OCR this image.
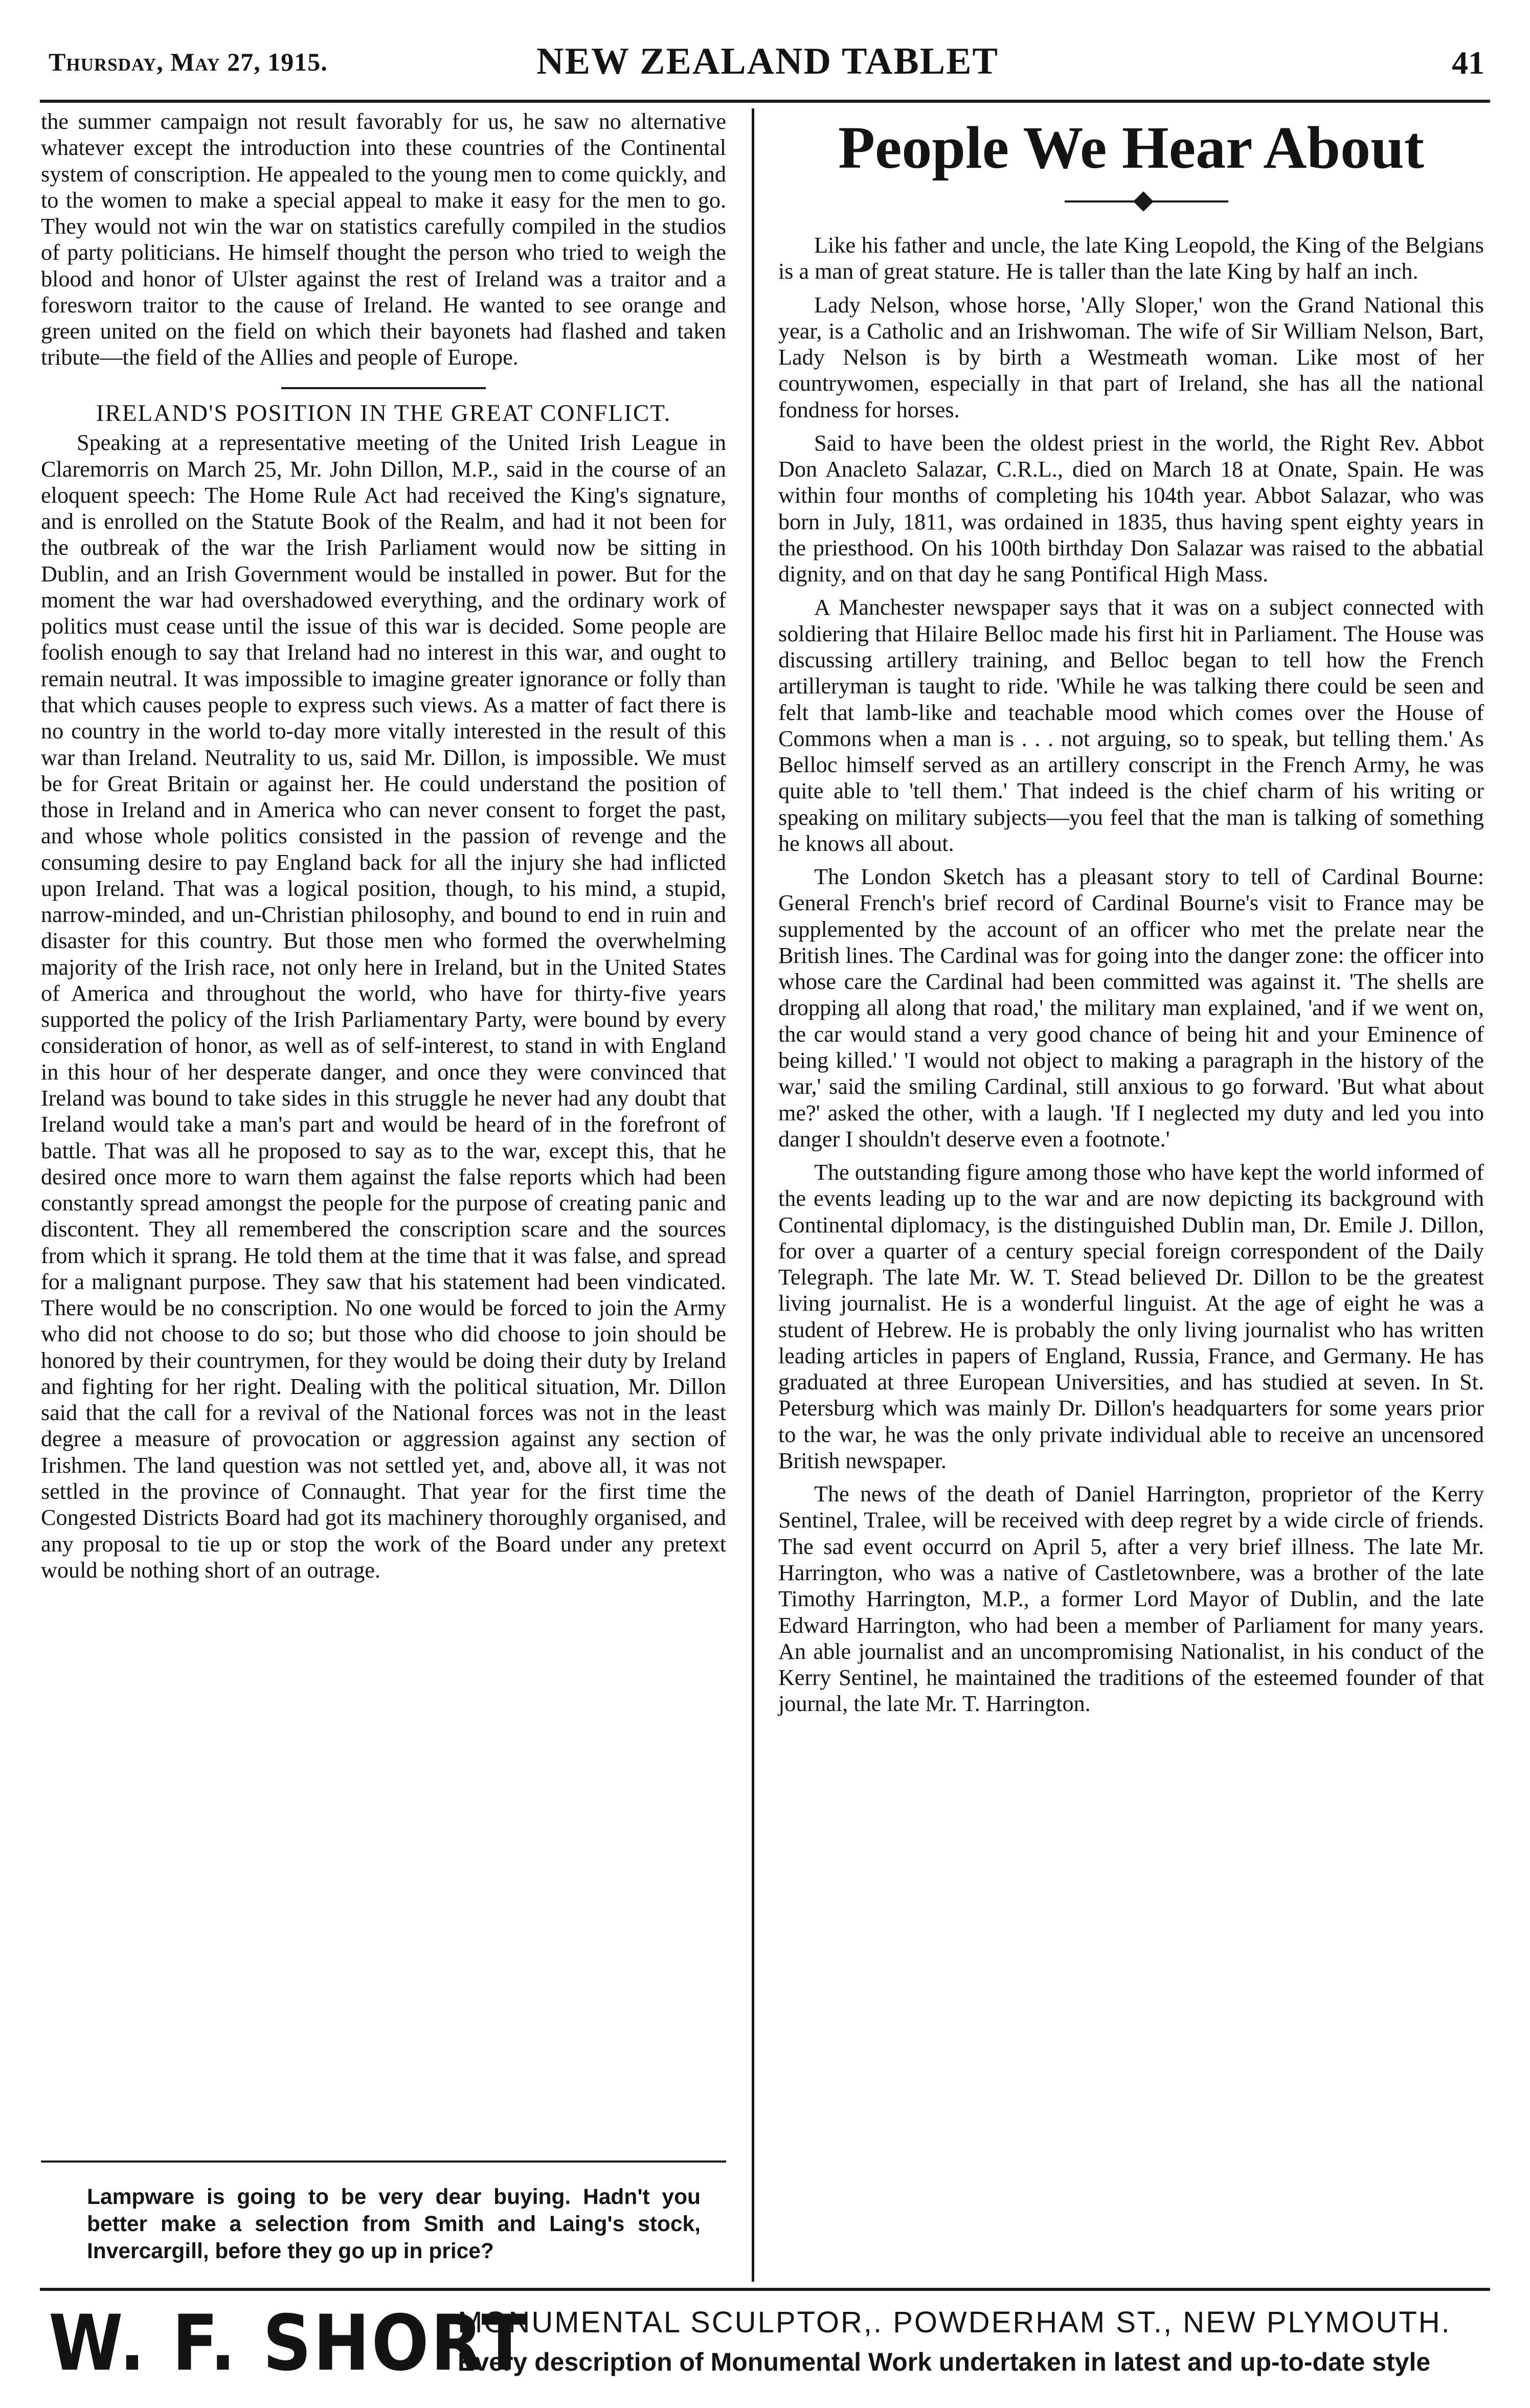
Thursday, May 27, 1915.	NEW ZEALAND TABLET	41

the summer campaign not result favorably for us, he saw no alternative whatever except the introduction into these countries of the Continental system of conscription. He appealed to the young men to come quickly, and to the women to make a special appeal to make it easy for the men to go. They would not win the war on statistics carefully compiled in the studios of party politicians. He himself thought the person who tried to weigh the blood and honor of Ulster against the rest of Ireland was a traitor and a foresworn traitor to the cause of Ireland. He wanted to see orange and green united on the field on which their bayonets had flashed and taken tribute—the field of the Allies and people of Europe.

IRELAND'S POSITION IN THE GREAT CONFLICT.

Speaking at a representative meeting of the United Irish League in Claremorris on March 25, Mr. John Dillon, M.P., said in the course of an eloquent speech: The Home Rule Act had received the King's signature, and is enrolled on the Statute Book of the Realm, and had it not been for the outbreak of the war the Irish Parliament would now be sitting in Dublin, and an Irish Government would be installed in power. But for the moment the war had overshadowed everything, and the ordinary work of politics must cease until the issue of this war is decided. Some people are foolish enough to say that Ireland had no interest in this war, and ought to remain neutral. It was impossible to imagine greater ignorance or folly than that which causes people to express such views. As a matter of fact there is no country in the world to-day more vitally interested in the result of this war than Ireland. Neutrality to us, said Mr. Dillon, is impossible. We must be for Great Britain or against her. He could understand the position of those in Ireland and in America who can never consent to forget the past, and whose whole politics consisted in the passion of revenge and the consuming desire to pay England back for all the injury she had inflicted upon Ireland. That was a logical position, though, to his mind, a stupid, narrow-minded, and un-Christian philosophy, and bound to end in ruin and disaster for this country. But those men who formed the overwhelming majority of the Irish race, not only here in Ireland, but in the United States of America and throughout the world, who have for thirty-five years supported the policy of the Irish Parliamentary Party, were bound by every consideration of honor, as well as of self-interest, to stand in with England in this hour of her desperate danger, and once they were convinced that Ireland was bound to take sides in this struggle he never had any doubt that Ireland would take a man's part and would be heard of in the forefront of battle. That was all he proposed to say as to the war, except this, that he desired once more to warn them against the false reports which had been constantly spread amongst the people for the purpose of creating panic and discontent. They all remembered the conscription scare and the sources from which it sprang. He told them at the time that it was false, and spread for a malignant purpose. They saw that his statement had been vindicated. There would be no conscription. No one would be forced to join the Army who did not choose to do so; but those who did choose to join should be honored by their countrymen, for they would be doing their duty by Ireland and fighting for her right. Dealing with the political situation, Mr. Dillon said that the call for a revival of the National forces was not in the least degree a measure of provocation or aggression against any section of Irishmen. The land question was not settled yet, and, above all, it was not settled in the province of Connaught. That year for the first time the Congested Districts Board had got its machinery thoroughly organised, and any proposal to tie up or stop the work of the Board under any pretext would be nothing short of an outrage.

Lampware is going to be very dear buying. Hadn't you better make a selection from Smith and Laing's stock, Invercargill, before they go up in price?
People We Hear About

Like his father and uncle, the late King Leopold, the King of the Belgians is a man of great stature. He is taller than the late King by half an inch.

Lady Nelson, whose horse, 'Ally Sloper,' won the Grand National this year, is a Catholic and an Irishwoman. The wife of Sir William Nelson, Bart, Lady Nelson is by birth a Westmeath woman. Like most of her countrywomen, especially in that part of Ireland, she has all the national fondness for horses.

Said to have been the oldest priest in the world, the Right Rev. Abbot Don Anacleto Salazar, C.R.L., died on March 18 at Onate, Spain. He was within four months of completing his 104th year. Abbot Salazar, who was born in July, 1811, was ordained in 1835, thus having spent eighty years in the priesthood. On his 100th birthday Don Salazar was raised to the abbatial dignity, and on that day he sang Pontifical High Mass.

A Manchester newspaper says that it was on a subject connected with soldiering that Hilaire Belloc made his first hit in Parliament. The House was discussing artillery training, and Belloc began to tell how the French artilleryman is taught to ride. 'While he was talking there could be seen and felt that lamb-like and teachable mood which comes over the House of Commons when a man is . . . not arguing, so to speak, but telling them.' As Belloc himself served as an artillery conscript in the French Army, he was quite able to 'tell them.' That indeed is the chief charm of his writing or speaking on military subjects—you feel that the man is talking of something he knows all about.

The London Sketch has a pleasant story to tell of Cardinal Bourne: General French's brief record of Cardinal Bourne's visit to France may be supplemented by the account of an officer who met the prelate near the British lines. The Cardinal was for going into the danger zone: the officer into whose care the Cardinal had been committed was against it. 'The shells are dropping all along that road,' the military man explained, 'and if we went on, the car would stand a very good chance of being hit and your Eminence of being killed.' 'I would not object to making a paragraph in the history of the war,' said the smiling Cardinal, still anxious to go forward. 'But what about me?' asked the other, with a laugh. 'If I neglected my duty and led you into danger I shouldn't deserve even a footnote.'

The outstanding figure among those who have kept the world informed of the events leading up to the war and are now depicting its background with Continental diplomacy, is the distinguished Dublin man, Dr. Emile J. Dillon, for over a quarter of a century special foreign correspondent of the Daily Telegraph. The late Mr. W. T. Stead believed Dr. Dillon to be the greatest living journalist. He is a wonderful linguist. At the age of eight he was a student of Hebrew. He is probably the only living journalist who has written leading articles in papers of England, Russia, France, and Germany. He has graduated at three European Universities, and has studied at seven. In St. Petersburg which was mainly Dr. Dillon's headquarters for some years prior to the war, he was the only private individual able to receive an uncensored British newspaper.

The news of the death of Daniel Harrington, proprietor of the Kerry Sentinel, Tralee, will be received with deep regret by a wide circle of friends. The sad event occurrd on April 5, after a very brief illness. The late Mr. Harrington, who was a native of Castletownbere, was a brother of the late Timothy Harrington, M.P., a former Lord Mayor of Dublin, and the late Edward Harrington, who had been a member of Parliament for many years. An able journalist and an uncompromising Nationalist, in his conduct of the Kerry Sentinel, he maintained the traditions of the esteemed founder of that journal, the late Mr. T. Harrington.

W. F. SHORT
MONUMENTAL SCULPTOR,. POWDERHAM ST., NEW PLYMOUTH.
Every description of Monumental Work undertaken in latest and up-to-date style
